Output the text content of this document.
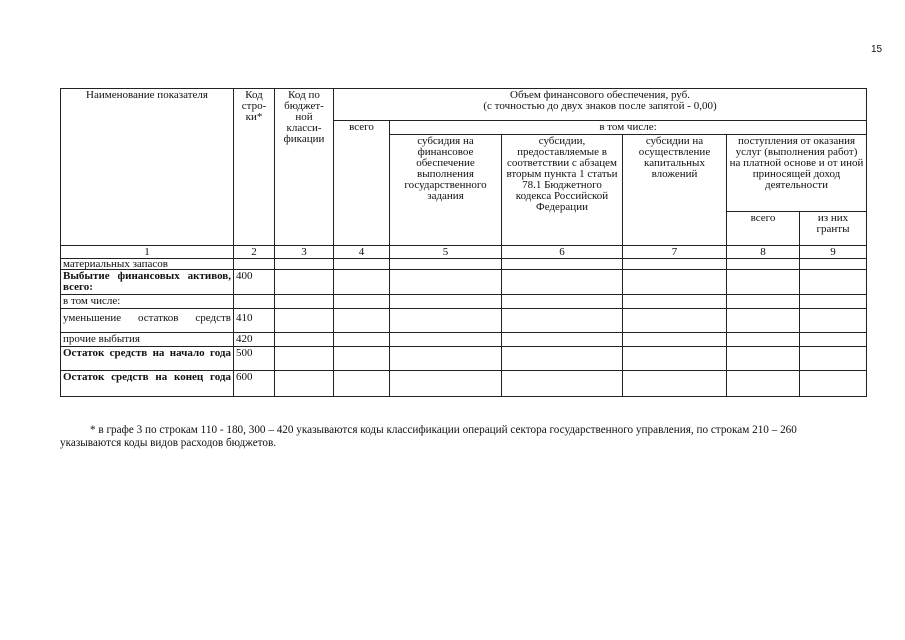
15
Наименование показателя	Код стро-ки*	Код по бюджет-ной класси-фикации	Объем финансового обеспечения, руб.
(с точностью до двух знаков после запятой - 0,00)					

			всего	в том числе:				
				субсидия на финансовое обеспечение выполнения государственного задания	субсидии, предоставляемые в соответствии с абзацем вторым пункта 1 статьи 78.1 Бюджетного кодекса Российской Федерации	субсидии на осуществление капитальных вложений	поступления от оказания услуг (выполнения работ) на платной основе и от иной приносящей доход деятельности	
							всего	из них гранты
1	2	3	4	5	6	7	8	9
материальных запасов								
Выбытие финансовых активов, всего:	400							
в том числе:								
уменьшение остатков средств	410							
прочие выбытия	420							
Остаток средств на начало года	500							
Остаток средств на конец года	600							
* в графе 3 по строкам 110 - 180, 300 – 420 указываются коды классификации операций сектора государственного управления, по строкам 210 – 260 указываются коды видов расходов бюджетов.
